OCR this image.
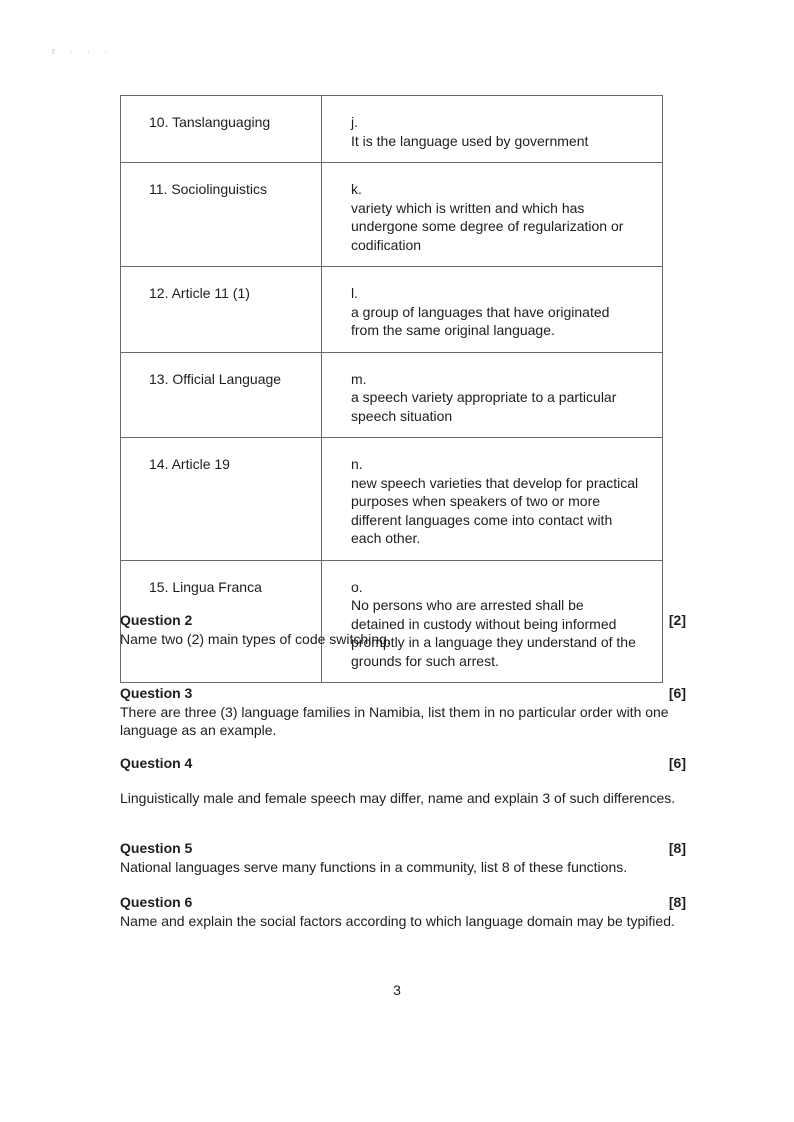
r · · ·
10. Tanslanguaging	j.It is the language used by government
11. Sociolinguistics	k.variety which is written and which has undergone some degree of regularization or codification
12. Article 11 (1)	l.a group of languages that have originated from the same original language.
13. Official Language	m.a speech variety appropriate to a particular speech situation
14. Article 19	n.new speech varieties that develop for practical purposes when speakers of two or more different languages come into contact with each other.
15. Lingua Franca	o.No persons who are arrested shall be detained in custody without being informed promptly in a language they understand of the grounds for such arrest.
Question 2	[2]
Name two (2) main types of code switching.
Question 3	[6]
There are three (3) language families in Namibia, list them in no particular order with one language as an example.
Question 4	[6]
Linguistically male and female speech may differ, name and explain 3 of such differences.
Question 5	[8]
National languages serve many functions in a community, list 8 of these functions.
Question 6	[8]
Name and explain the social factors according to which language domain may be typified.
3
